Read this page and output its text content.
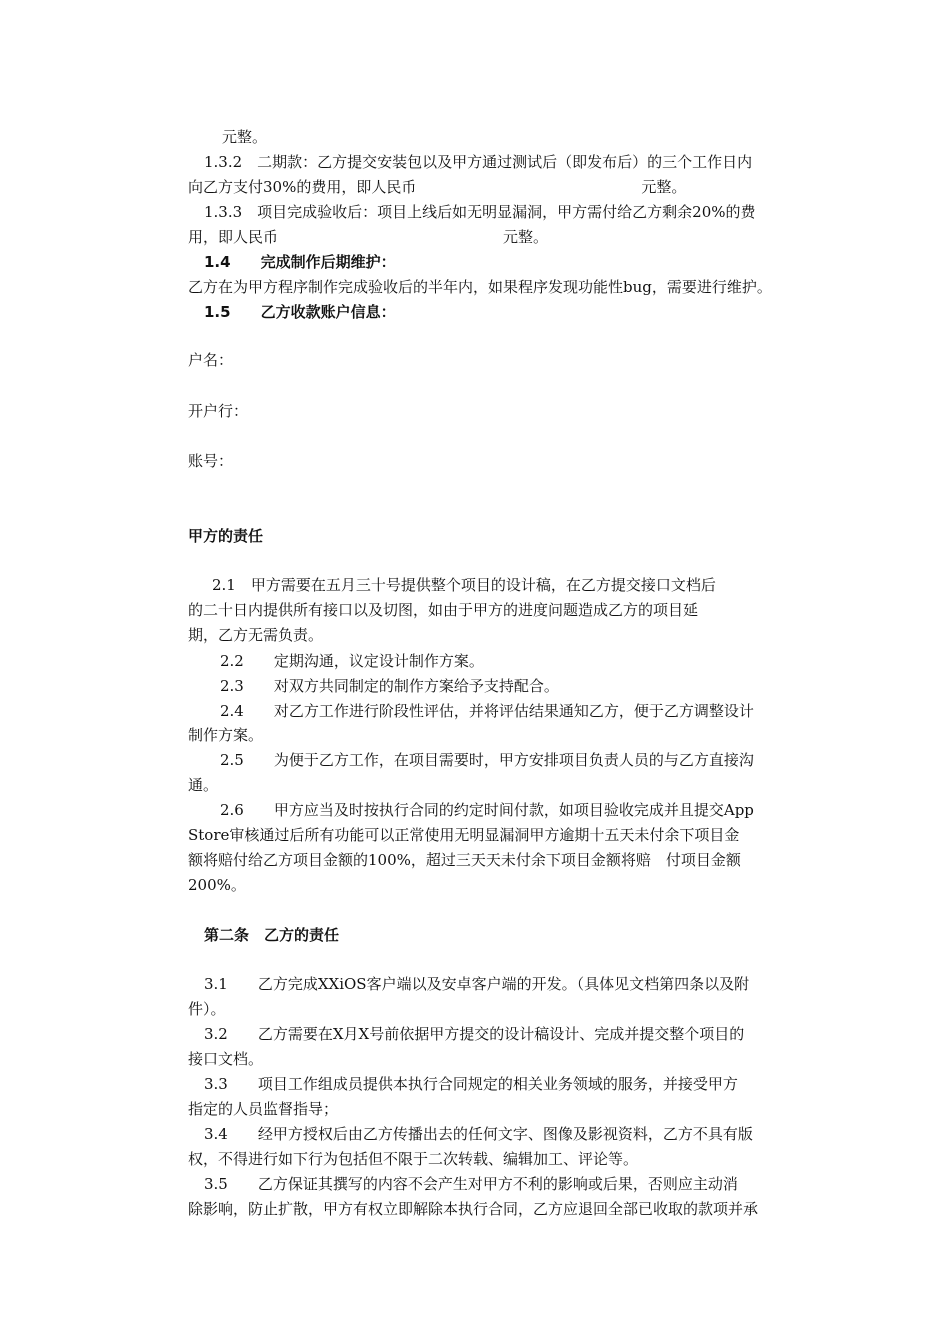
元整。
1.3.2　二期款：乙方提交安装包以及甲方通过测试后（即发布后）的三个工作日内
向乙方支付30%的费用，即人民币　　　　　　　　　　　　　　　元整。
1.3.3　项目完成验收后：项目上线后如无明显漏洞，甲方需付给乙方剩余20%的费
用，即人民币　　　　　　　　　　　　　　　元整。
1.4　　完成制作后期维护：
乙方在为甲方程序制作完成验收后的半年内，如果程序发现功能性bug，需要进行维护。
1.5　　乙方收款账户信息：
户名：
开户行：
账号：
甲方的责任
2.1　甲方需要在五月三十号提供整个项目的设计稿，在乙方提交接口文档后
的二十日内提供所有接口以及切图，如由于甲方的进度问题造成乙方的项目延
期，乙方无需负责。
2.2　　定期沟通，议定设计制作方案。
2.3　　对双方共同制定的制作方案给予支持配合。
2.4　　对乙方工作进行阶段性评估，并将评估结果通知乙方，便于乙方调整设计
制作方案。
2.5　　为便于乙方工作，在项目需要时，甲方安排项目负责人员的与乙方直接沟
通。
2.6　　甲方应当及时按执行合同的约定时间付款，如项目验收完成并且提交App
Store审核通过后所有功能可以正常使用无明显漏洞甲方逾期十五天未付余下项目金
额将赔付给乙方项目金额的100%，超过三天天未付余下项目金额将赔　付项目金额
200%。
第二条　乙方的责任
3.1　　乙方完成XXiOS客户端以及安卓客户端的开发。（具体见文档第四条以及附
件）。
3.2　　乙方需要在X月X号前依据甲方提交的设计稿设计、完成并提交整个项目的
接口文档。
3.3　　项目工作组成员提供本执行合同规定的相关业务领域的服务，并接受甲方
指定的人员监督指导；
3.4　　经甲方授权后由乙方传播出去的任何文字、图像及影视资料，乙方不具有版
权，不得进行如下行为包括但不限于二次转载、编辑加工、评论等。
3.5　　乙方保证其撰写的内容不会产生对甲方不利的影响或后果，否则应主动消
除影响，防止扩散，甲方有权立即解除本执行合同，乙方应退回全部已收取的款项并承
